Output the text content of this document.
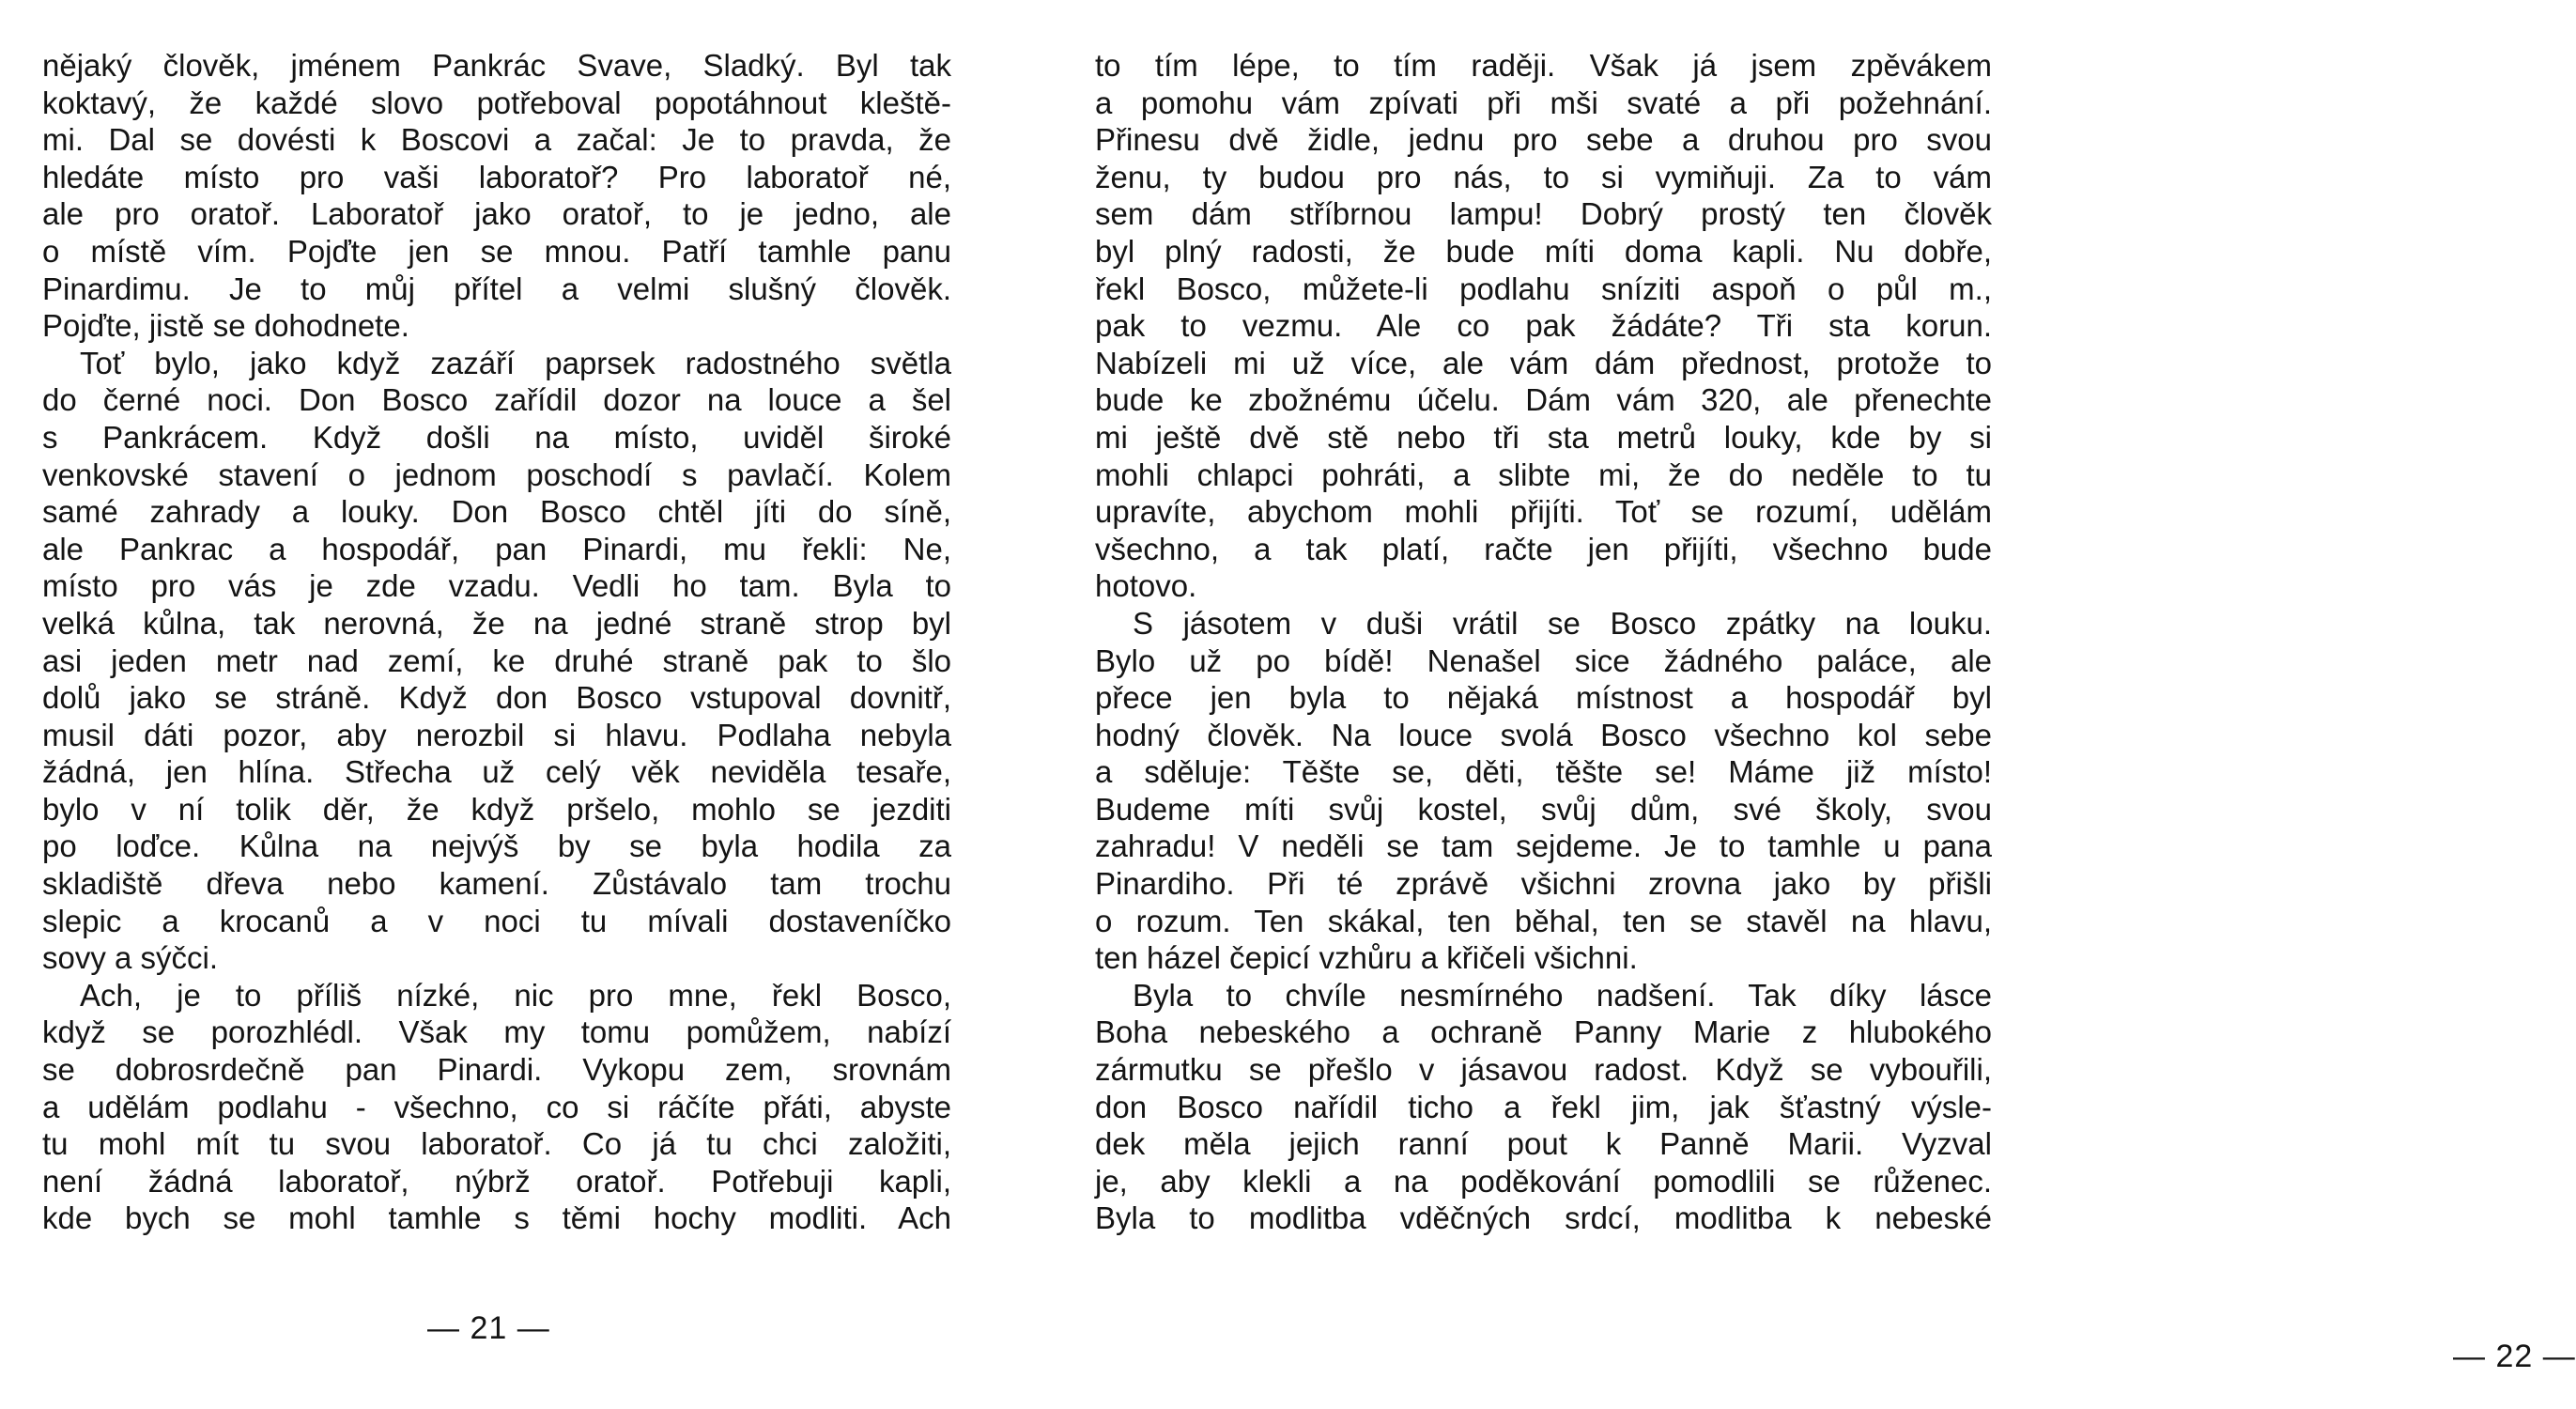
nějaký člověk, jménem Pankrác Svave, Sladký. Byl tak
koktavý, že každé slovo potřeboval popotáhnout kleště-
mi. Dal se dovésti k Boscovi a začal: Je to pravda, že
hledáte místo pro vaši laboratoř? Pro laboratoř né,
ale pro oratoř. Laboratoř jako oratoř, to je jedno, ale
o místě vím. Pojďte jen se mnou. Patří tamhle panu
Pinardimu. Je to můj přítel a velmi slušný člověk.
Pojďte, jistě se dohodnete.
Toť bylo, jako když zazáří paprsek radostného světla
do černé noci. Don Bosco zařídil dozor na louce a šel
s Pankrácem. Když došli na místo, uviděl široké
venkovské stavení o jednom poschodí s pavlačí. Kolem
samé zahrady a louky. Don Bosco chtěl jíti do síně,
ale Pankrac a hospodář, pan Pinardi, mu řekli: Ne,
místo pro vás je zde vzadu. Vedli ho tam. Byla to
velká kůlna, tak nerovná, že na jedné straně strop byl
asi jeden metr nad zemí, ke druhé straně pak to šlo
dolů jako se stráně. Když don Bosco vstupoval dovnitř,
musil dáti pozor, aby nerozbil si hlavu. Podlaha nebyla
žádná, jen hlína. Střecha už celý věk neviděla tesaře,
bylo v ní tolik děr, že když pršelo, mohlo se jezditi
po loďce. Kůlna na nejvýš by se byla hodila za
skladiště dřeva nebo kamení. Zůstávalo tam trochu
slepic a krocanů a v noci tu mívali dostaveníčko
sovy a sýčci.
Ach, je to příliš nízké, nic pro mne, řekl Bosco,
když se porozhlédl. Však my tomu pomůžem, nabízí
se dobrosrdečně pan Pinardi. Vykopu zem, srovnám
a udělám podlahu - všechno, co si ráčíte přáti, abyste
tu mohl mít tu svou laboratoř. Co já tu chci založiti,
není žádná laboratoř, nýbrž oratoř. Potřebuji kapli,
kde bych se mohl tamhle s těmi hochy modliti. Ach
— 21 —
to tím lépe, to tím raději. Však já jsem zpěvákem
a pomohu vám zpívati při mši svaté a při požehnání.
Přinesu dvě židle, jednu pro sebe a druhou pro svou
ženu, ty budou pro nás, to si vymiňuji. Za to vám
sem dám stříbrnou lampu! Dobrý prostý ten člověk
byl plný radosti, že bude míti doma kapli. Nu dobře,
řekl Bosco, můžete-li podlahu sníziti aspoň o půl m.,
pak to vezmu. Ale co pak žádáte? Tři sta korun.
Nabízeli mi už více, ale vám dám přednost, protože to
bude ke zbožnému účelu. Dám vám 320, ale přenechte
mi ještě dvě stě nebo tři sta metrů louky, kde by si
mohli chlapci pohráti, a slibte mi, že do neděle to tu
upravíte, abychom mohli přijíti. Toť se rozumí, udělám
všechno, a tak platí, račte jen přijíti, všechno bude
hotovo.
S jásotem v duši vrátil se Bosco zpátky na louku.
Bylo už po bídě! Nenašel sice žádného paláce, ale
přece jen byla to nějaká místnost a hospodář byl
hodný člověk. Na louce svolá Bosco všechno kol sebe
a sděluje: Těšte se, děti, těšte se! Máme již místo!
Budeme míti svůj kostel, svůj dům, své školy, svou
zahradu! V neděli se tam sejdeme. Je to tamhle u pana
Pinardiho. Při té zprávě všichni zrovna jako by přišli
o rozum. Ten skákal, ten běhal, ten se stavěl na hlavu,
ten házel čepicí vzhůru a křičeli všichni.
Byla to chvíle nesmírného nadšení. Tak díky lásce
Boha nebeského a ochraně Panny Marie z hlubokého
zármutku se přešlo v jásavou radost. Když se vybouřili,
don Bosco nařídil ticho a řekl jim, jak šťastný výsle-
dek měla jejich ranní pout k Panně Marii. Vyzval
je, aby klekli a na poděkování pomodlili se růženec.
Byla to modlitba vděčných srdcí, modlitba k nebeské
— 22 —
